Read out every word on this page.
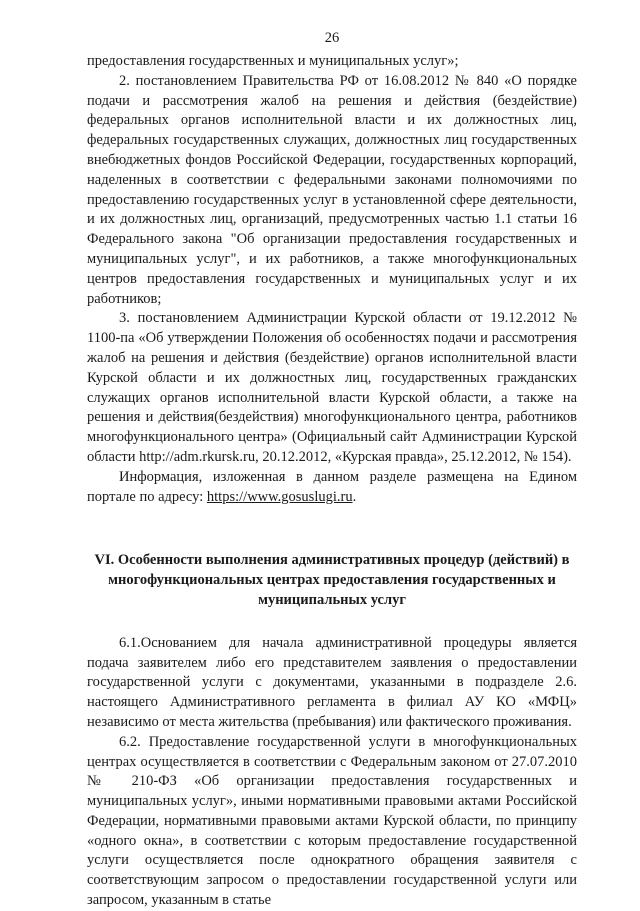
26

предоставления государственных и муниципальных услуг»;

2. постановлением Правительства РФ от 16.08.2012 № 840 «О порядке подачи и рассмотрения жалоб на решения и действия (бездействие) федеральных органов исполнительной власти и их должностных лиц, федеральных государственных служащих, должностных лиц государственных внебюджетных фондов Российской Федерации, государственных корпораций, наделенных в соответствии с федеральными законами полномочиями по предоставлению государственных услуг в установленной сфере деятельности, и их должностных лиц, организаций, предусмотренных частью 1.1 статьи 16 Федерального закона "Об организации предоставления государственных и муниципальных услуг", и их работников, а также многофункциональных центров предоставления государственных и муниципальных услуг и их работников;

3. постановлением Администрации Курской области от 19.12.2012 № 1100-па «Об утверждении Положения об особенностях подачи и рассмотрения жалоб на решения и действия (бездействие) органов исполнительной власти Курской области и их должностных лиц, государственных гражданских служащих органов исполнительной власти Курской области, а также на решения и действия(бездействия) многофункционального центра, работников многофункционального центра» (Официальный сайт Администрации Курской области http://adm.rkursk.ru, 20.12.2012, «Курская правда», 25.12.2012, № 154).

Информация, изложенная в данном разделе размещена на Едином портале по адресу: https://www.gosuslugi.ru.

VI. Особенности выполнения административных процедур (действий) в многофункциональных центрах предоставления государственных и муниципальных услуг

6.1.Основанием для начала административной процедуры является подача заявителем либо его представителем заявления о предоставлении государственной услуги с документами, указанными в подразделе 2.6. настоящего Административного регламента в филиал АУ КО «МФЦ» независимо от места жительства (пребывания) или фактического проживания.

6.2. Предоставление государственной услуги в многофункциональных центрах осуществляется в соответствии с Федеральным законом от 27.07.2010 № 210-ФЗ «Об организации предоставления государственных и муниципальных услуг», иными нормативными правовыми актами Российской Федерации, нормативными правовыми актами Курской области, по принципу «одного окна», в соответствии с которым предоставление государственной услуги осуществляется после однократного обращения заявителя с соответствующим запросом о предоставлении государственной услуги или запросом, указанным в статье
